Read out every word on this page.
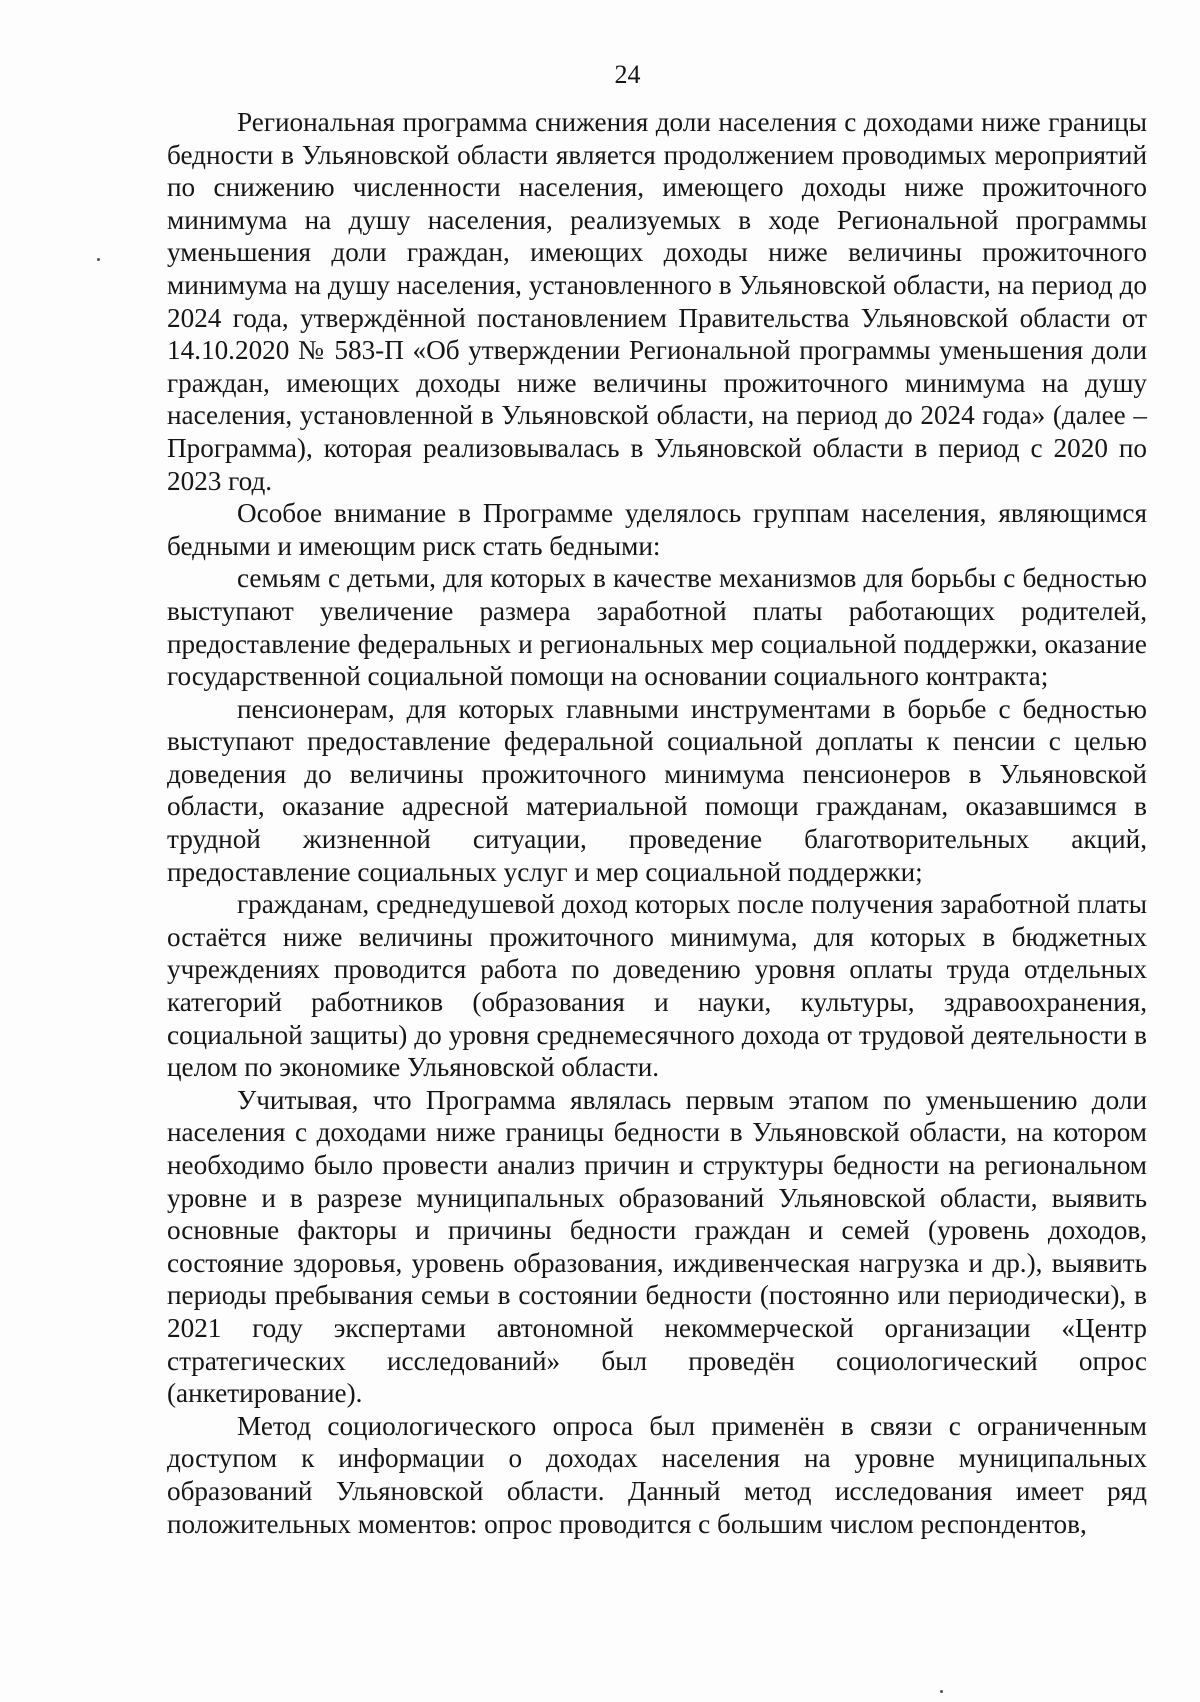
24

Региональная программа снижения доли населения с доходами ниже границы бедности в Ульяновской области является продолжением проводимых мероприятий по снижению численности населения, имеющего доходы ниже прожиточного минимума на душу населения, реализуемых в ходе Региональной программы уменьшения доли граждан, имеющих доходы ниже величины прожиточного минимума на душу населения, установленного в Ульяновской области, на период до 2024 года, утверждённой постановлением Правительства Ульяновской области от 14.10.2020 № 583-П «Об утверждении Региональной программы уменьшения доли граждан, имеющих доходы ниже величины прожиточного минимума на душу населения, установленной в Ульяновской области, на период до 2024 года» (далее – Программа), которая реализовывалась в Ульяновской области в период с 2020 по 2023 год.

Особое внимание в Программе уделялось группам населения, являющимся бедными и имеющим риск стать бедными:

семьям с детьми, для которых в качестве механизмов для борьбы с бедностью выступают увеличение размера заработной платы работающих родителей, предоставление федеральных и региональных мер социальной поддержки, оказание государственной социальной помощи на основании социального контракта;

пенсионерам, для которых главными инструментами в борьбе с бедностью выступают предоставление федеральной социальной доплаты к пенсии с целью доведения до величины прожиточного минимума пенсионеров в Ульяновской области, оказание адресной материальной помощи гражданам, оказавшимся в трудной жизненной ситуации, проведение благотворительных акций, предоставление социальных услуг и мер социальной поддержки;

гражданам, среднедушевой доход которых после получения заработной платы остаётся ниже величины прожиточного минимума, для которых в бюджетных учреждениях проводится работа по доведению уровня оплаты труда отдельных категорий работников (образования и науки, культуры, здравоохранения, социальной защиты) до уровня среднемесячного дохода от трудовой деятельности в целом по экономике Ульяновской области.

Учитывая, что Программа являлась первым этапом по уменьшению доли населения с доходами ниже границы бедности в Ульяновской области, на котором необходимо было провести анализ причин и структуры бедности на региональном уровне и в разрезе муниципальных образований Ульяновской области, выявить основные факторы и причины бедности граждан и семей (уровень доходов, состояние здоровья, уровень образования, иждивенческая нагрузка и др.), выявить периоды пребывания семьи в состоянии бедности (постоянно или периодически), в 2021 году экспертами автономной некоммерческой организации «Центр стратегических исследований» был проведён социологический опрос (анкетирование).

Метод социологического опроса был применён в связи с ограниченным доступом к информации о доходах населения на уровне муниципальных образований Ульяновской области. Данный метод исследования имеет ряд положительных моментов: опрос проводится с большим числом респондентов,
